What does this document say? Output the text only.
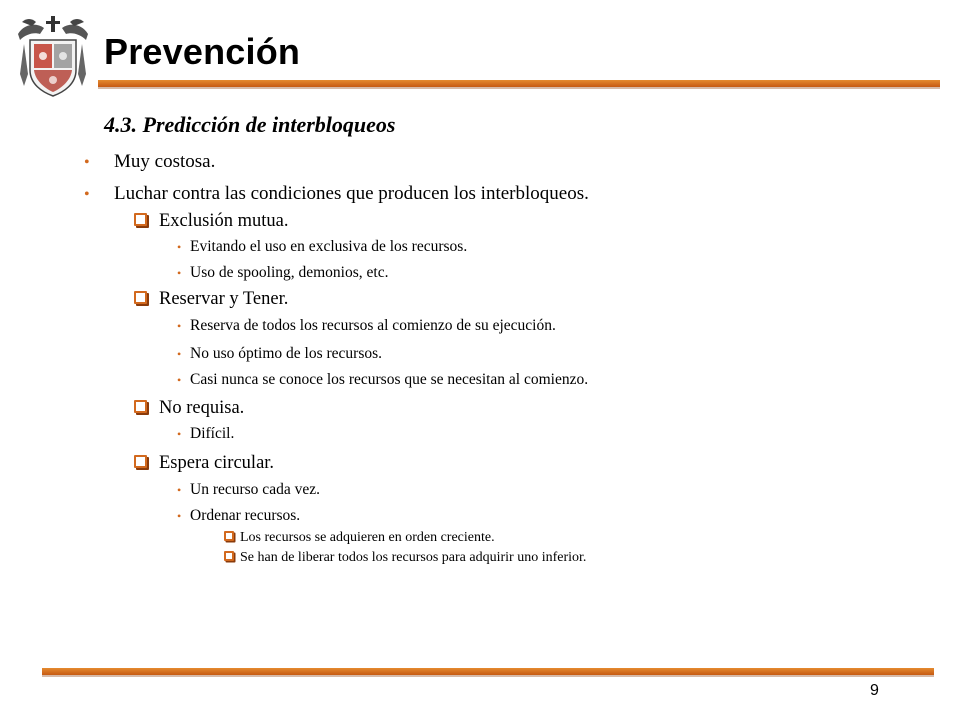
Prevención
4.3. Predicción de interbloqueos
• Muy costosa.
• Luchar contra las condiciones que producen los interbloqueos.
Exclusión mutua.
• Evitando el uso en exclusiva de los recursos.
• Uso de spooling, demonios, etc.
Reservar y Tener.
• Reserva de todos los recursos al comienzo de su ejecución.
• No uso óptimo de los recursos.
• Casi nunca se conoce los recursos que se necesitan al comienzo.
No requisa.
• Difícil.
Espera circular.
• Un recurso cada vez.
• Ordenar recursos.
Los recursos se adquieren en orden creciente.
Se han de liberar todos los recursos para adquirir uno inferior.
9
